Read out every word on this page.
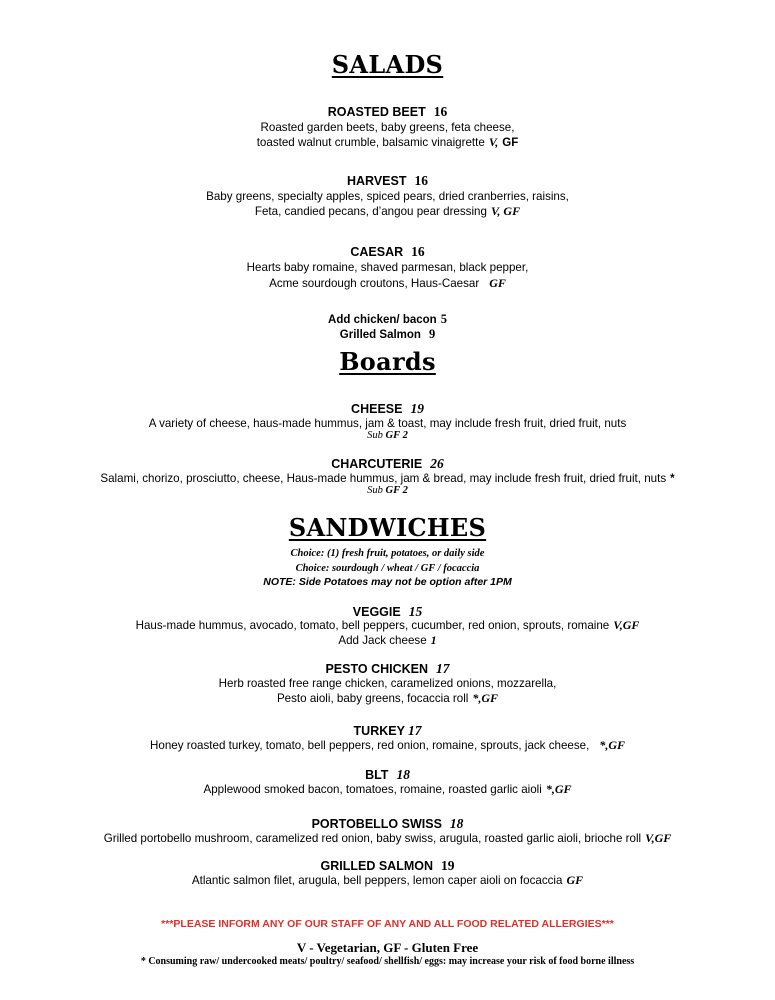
SALADS
ROASTED BEET 16
Roasted garden beets, baby greens, feta cheese,
toasted walnut crumble, balsamic vinaigrette V, GF
HARVEST 16
Baby greens, specialty apples, spiced pears, dried cranberries, raisins,
Feta, candied pecans, d’angou pear dressing V, GF
CAESAR 16
Hearts baby romaine, shaved parmesan, black pepper,
Acme sourdough croutons, Haus-Caesar GF
Add chicken/ bacon 5
Grilled Salmon 9
Boards
CHEESE 19
A variety of cheese, haus-made hummus, jam & toast, may include fresh fruit, dried fruit, nuts
Sub GF 2
CHARCUTERIE 26
Salami, chorizo, prosciutto, cheese, Haus-made hummus, jam & bread, may include fresh fruit, dried fruit, nuts *
Sub GF 2
SANDWICHES
Choice: (1) fresh fruit, potatoes, or daily side
Choice: sourdough / wheat / GF / focaccia
NOTE: Side Potatoes may not be option after 1PM
VEGGIE 15
Haus-made hummus, avocado, tomato, bell peppers, cucumber, red onion, sprouts, romaine V,GF
Add Jack cheese 1
PESTO CHICKEN 17
Herb roasted free range chicken, caramelized onions, mozzarella,
Pesto aioli, baby greens, focaccia roll *,GF
TURKEY 17
Honey roasted turkey, tomato, bell peppers, red onion, romaine, sprouts, jack cheese, *,GF
BLT 18
Applewood smoked bacon, tomatoes, romaine, roasted garlic aioli *,GF
PORTOBELLO SWISS 18
Grilled portobello mushroom, caramelized red onion, baby swiss, arugula, roasted garlic aioli, brioche roll V,GF
GRILLED SALMON 19
Atlantic salmon filet, arugula, bell peppers, lemon caper aioli on focaccia GF
***PLEASE INFORM ANY OF OUR STAFF OF ANY AND ALL FOOD RELATED ALLERGIES***
V - Vegetarian, GF - Gluten Free
* Consuming raw/ undercooked meats/ poultry/ seafood/ shellfish/ eggs: may increase your risk of food borne illness
